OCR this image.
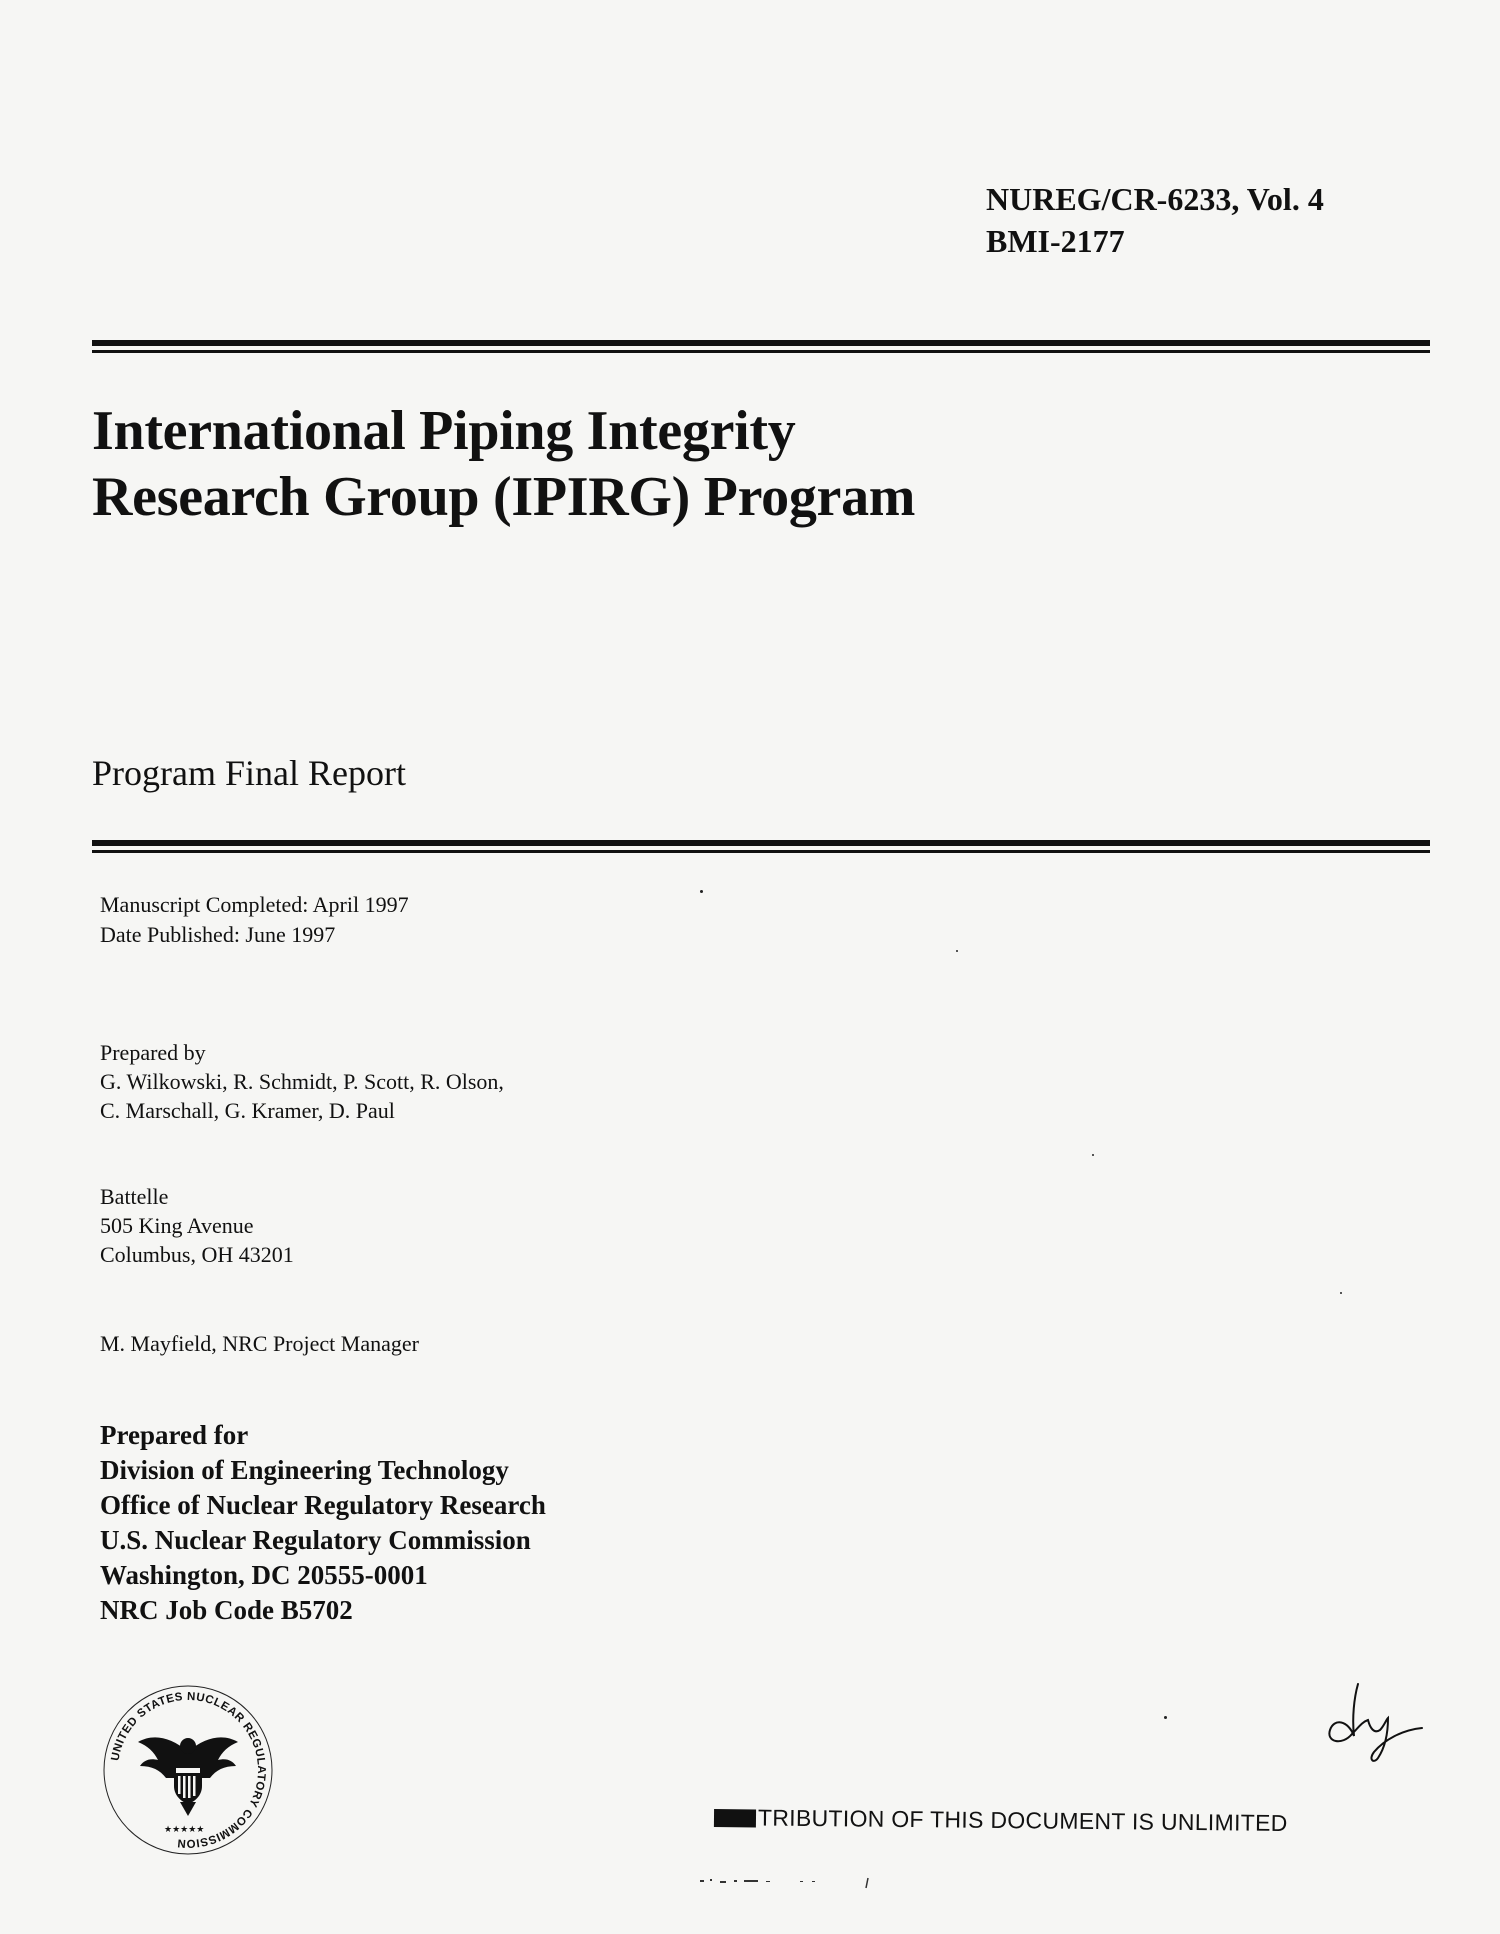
NUREG/CR-6233, Vol. 4
BMI-2177
International Piping Integrity
Research Group (IPIRG) Program
Program Final Report
Manuscript Completed: April 1997
Date Published: June 1997
Prepared by
G. Wilkowski, R. Schmidt, P. Scott, R. Olson,
C. Marschall, G. Kramer, D. Paul
Battelle
505 King Avenue
Columbus, OH 43201
M. Mayfield, NRC Project Manager
Prepared for
Division of Engineering Technology
Office of Nuclear Regulatory Research
U.S. Nuclear Regulatory Commission
Washington, DC 20555-0001
NRC Job Code B5702
UNITED STATES NUCLEAR REGULATORY COMMISSION
★★★★★	TRIBUTION OF THIS DOCUMENT IS UNLIMITED
